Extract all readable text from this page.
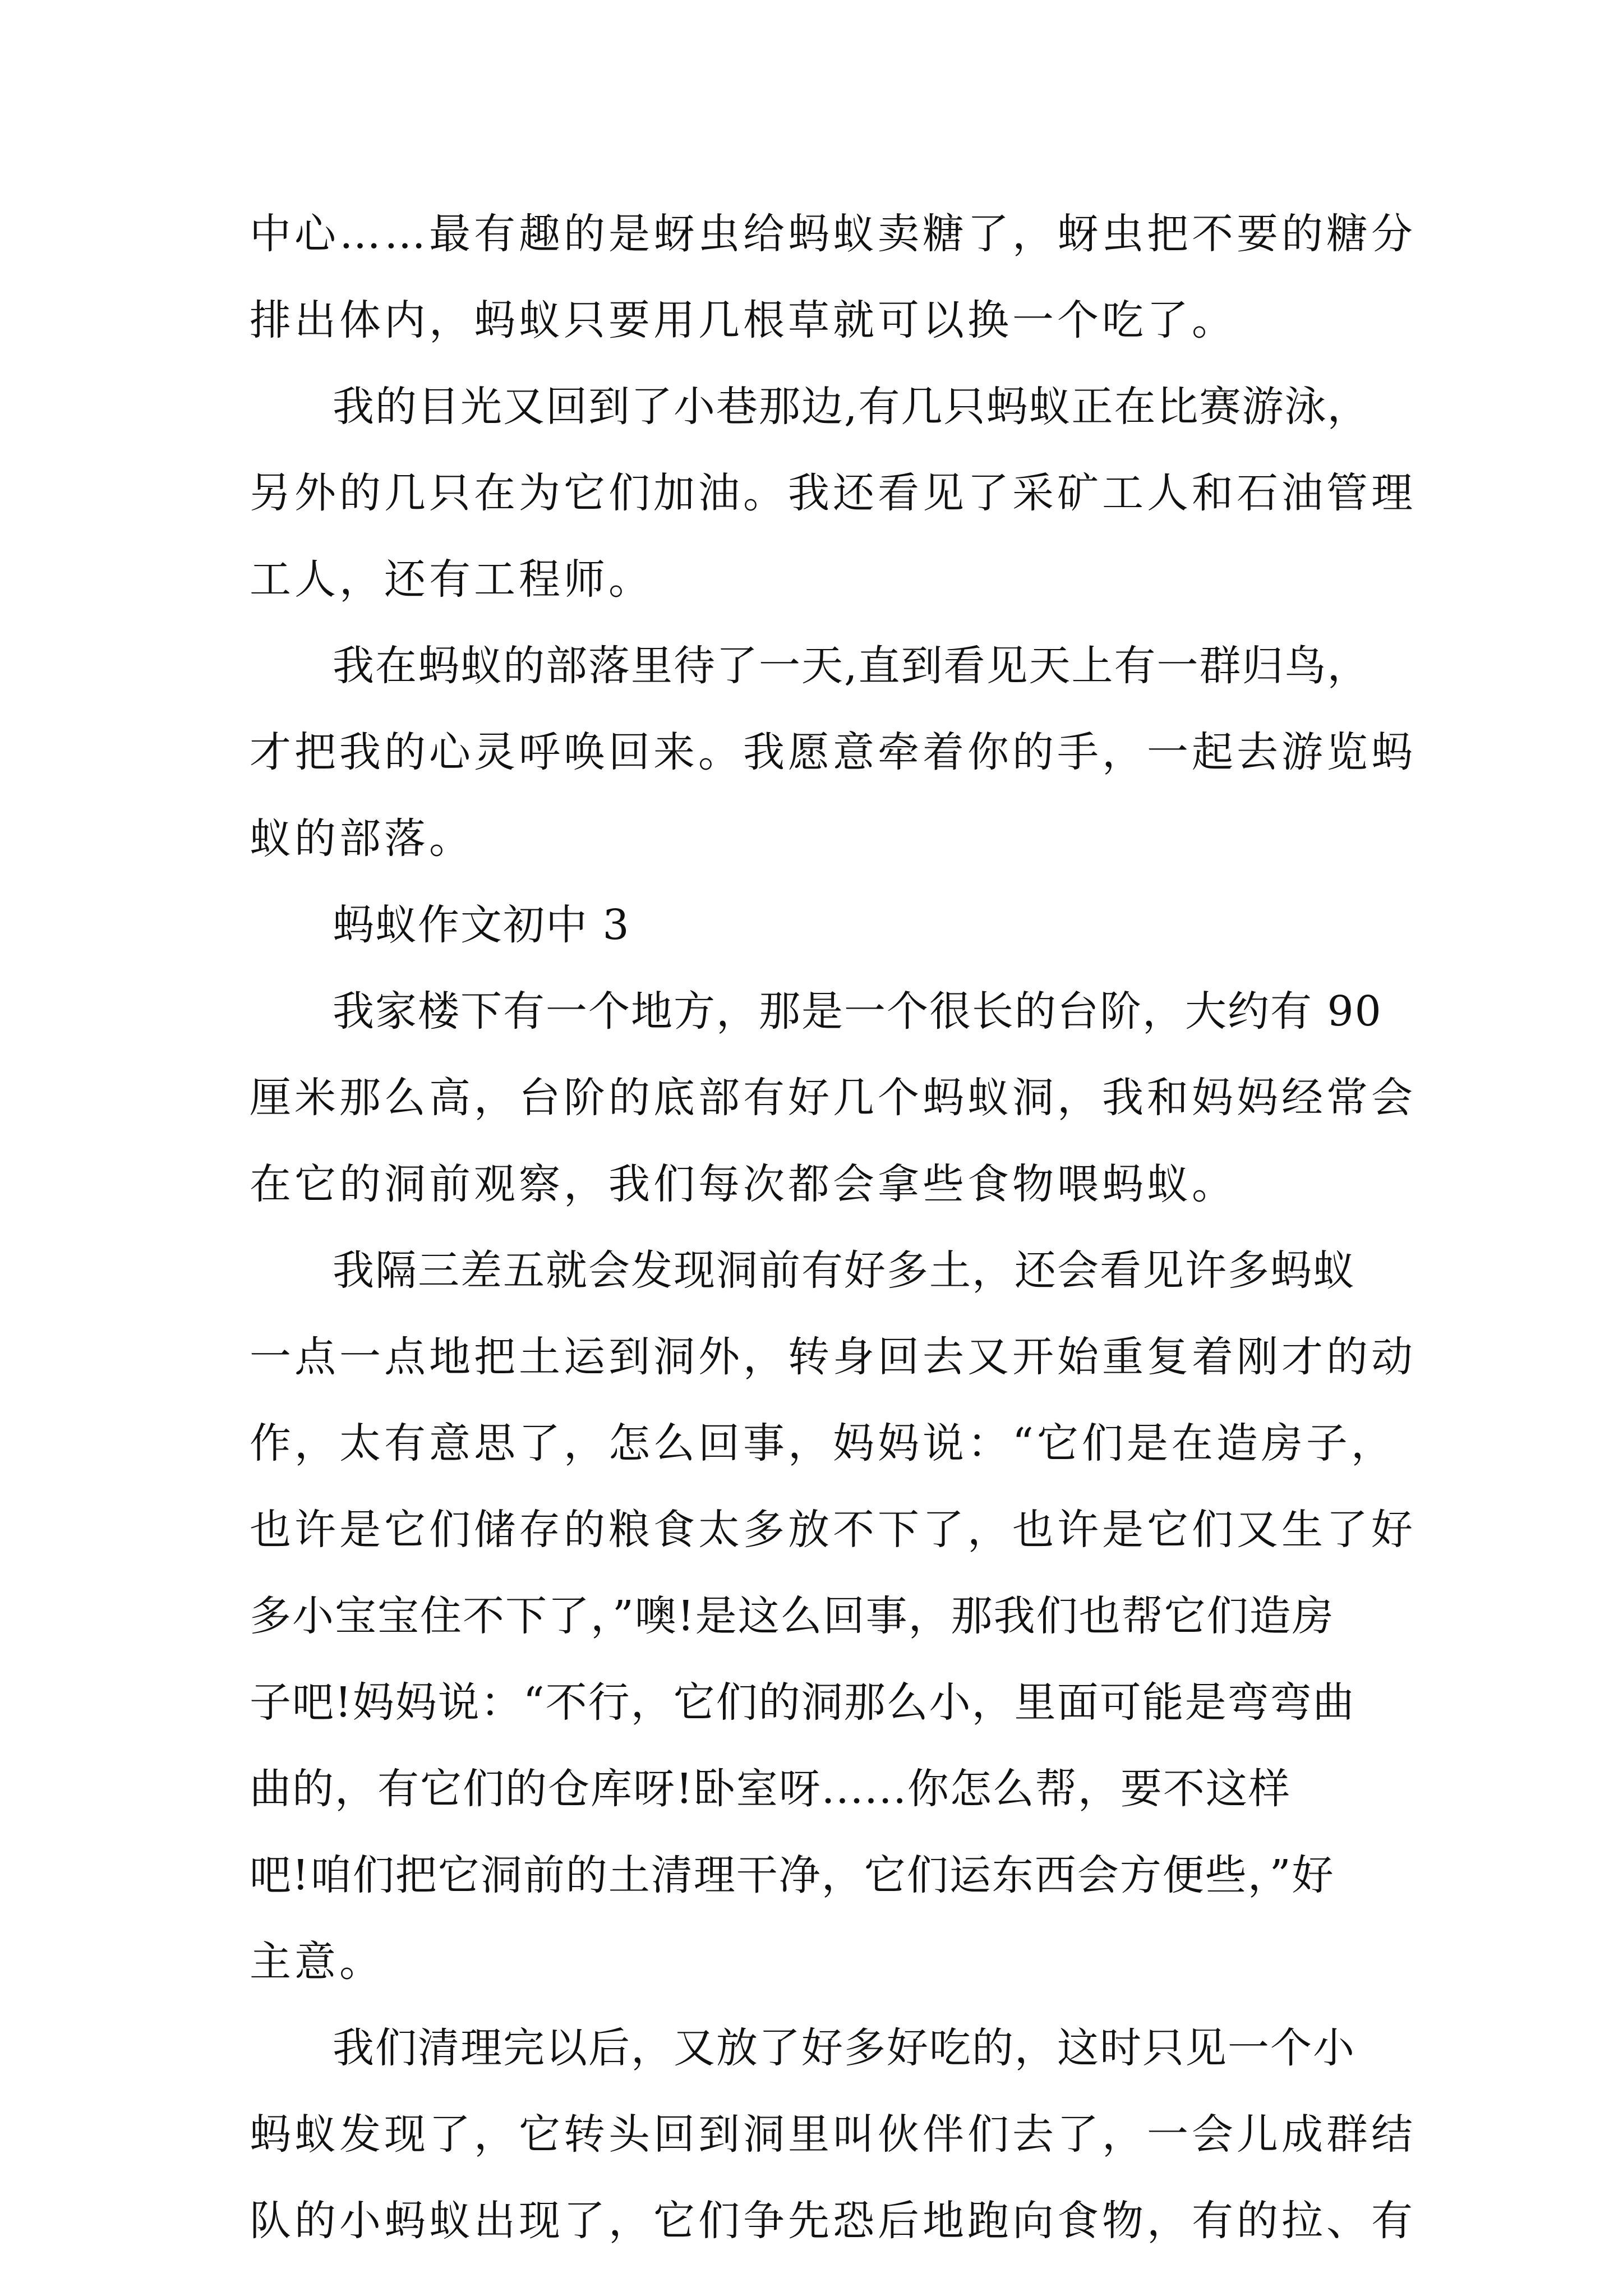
中心……最有趣的是蚜虫给蚂蚁卖糖了，蚜虫把不要的糖分
排出体内，蚂蚁只要用几根草就可以换一个吃了。
我的目光又回到了小巷那边,有几只蚂蚁正在比赛游泳，
另外的几只在为它们加油。我还看见了采矿工人和石油管理
工人，还有工程师。
我在蚂蚁的部落里待了一天,直到看见天上有一群归鸟，
才把我的心灵呼唤回来。我愿意牵着你的手，一起去游览蚂
蚁的部落。
蚂蚁作文初中 3
我家楼下有一个地方，那是一个很长的台阶，大约有 90
厘米那么高，台阶的底部有好几个蚂蚁洞，我和妈妈经常会
在它的洞前观察，我们每次都会拿些食物喂蚂蚁。
我隔三差五就会发现洞前有好多土，还会看见许多蚂蚁
一点一点地把土运到洞外，转身回去又开始重复着刚才的动
作，太有意思了，怎么回事，妈妈说：“它们是在造房子，
也许是它们储存的粮食太多放不下了，也许是它们又生了好
多小宝宝住不下了，”噢!是这么回事，那我们也帮它们造房
子吧!妈妈说：“不行，它们的洞那么小，里面可能是弯弯曲
曲的，有它们的仓库呀!卧室呀......你怎么帮，要不这样
吧!咱们把它洞前的土清理干净，它们运东西会方便些，”好
主意。
我们清理完以后，又放了好多好吃的，这时只见一个小
蚂蚁发现了，它转头回到洞里叫伙伴们去了，一会儿成群结
队的小蚂蚁出现了，它们争先恐后地跑向食物，有的拉、有
